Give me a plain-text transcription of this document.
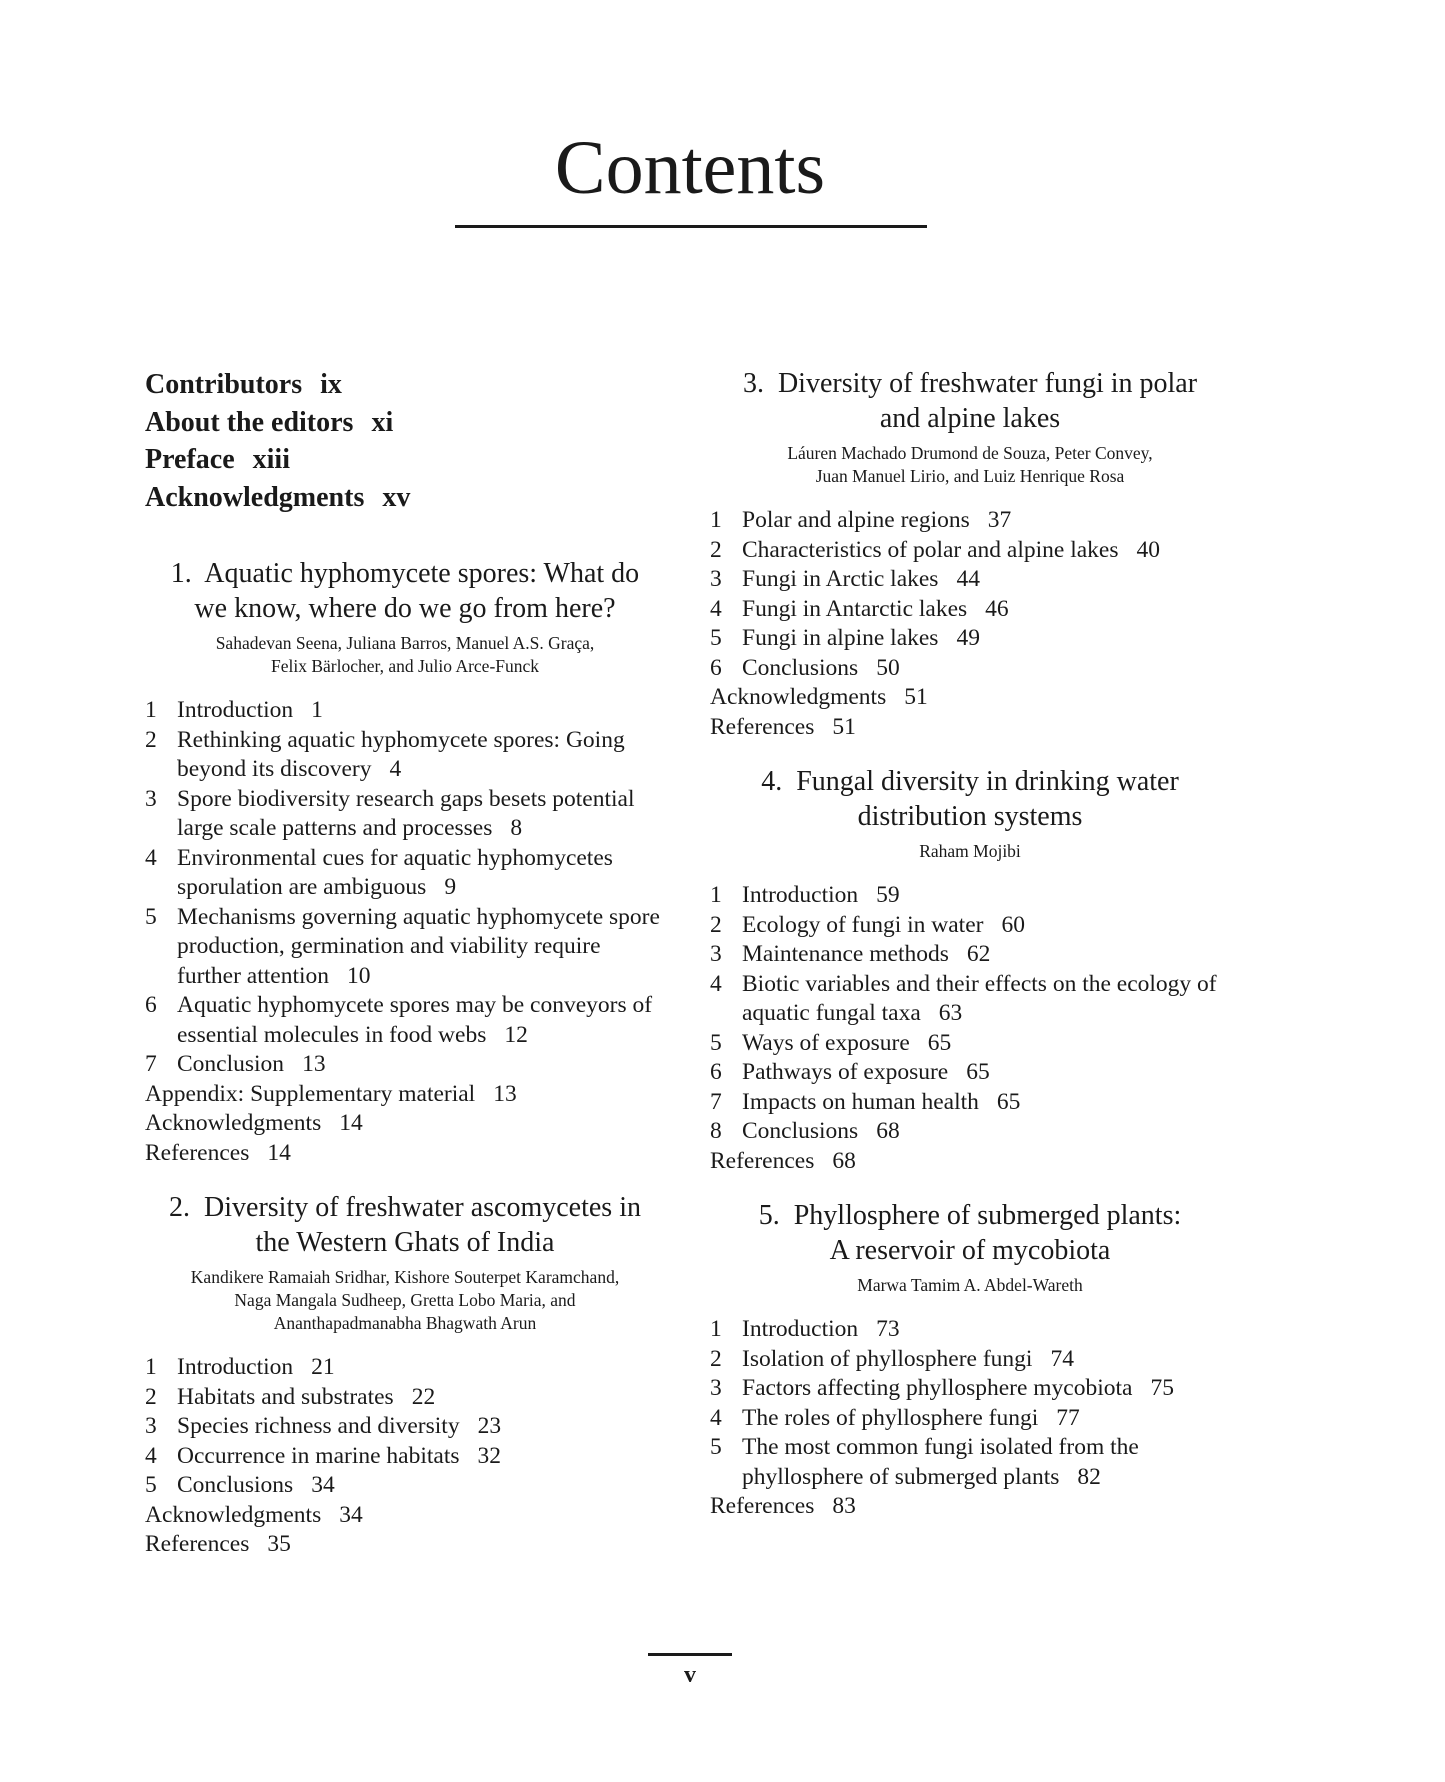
Contents
Contributors ix
About the editors xi
Preface xiii
Acknowledgments xv
1.  Aquatic hyphomycete spores: What do
we know, where do we go from here?

Sahadevan Seena, Juliana Barros, Manuel A.S. Graça,
Felix Bärlocher, and Julio Arce-Funck

1 Introduction 1
2 Rethinking aquatic hyphomycete spores: Going beyond its discovery 4
3 Spore biodiversity research gaps besets potential large scale patterns and processes 8
4 Environmental cues for aquatic hyphomycetes sporulation are ambiguous 9
5 Mechanisms governing aquatic hyphomycete spore production, germination and viability require further attention 10
6 Aquatic hyphomycete spores may be conveyors of essential molecules in food webs 12
7 Conclusion 13
Appendix: Supplementary material 13
Acknowledgments 14
References 14
2.  Diversity of freshwater ascomycetes in
the Western Ghats of India

Kandikere Ramaiah Sridhar, Kishore Souterpet Karamchand,
Naga Mangala Sudheep, Gretta Lobo Maria, and
Ananthapadmanabha Bhagwath Arun

1 Introduction 21
2 Habitats and substrates 22
3 Species richness and diversity 23
4 Occurrence in marine habitats 32
5 Conclusions 34
Acknowledgments 34
References 35
3.  Diversity of freshwater fungi in polar
and alpine lakes

Láuren Machado Drumond de Souza, Peter Convey,
Juan Manuel Lirio, and Luiz Henrique Rosa

1 Polar and alpine regions 37
2 Characteristics of polar and alpine lakes 40
3 Fungi in Arctic lakes 44
4 Fungi in Antarctic lakes 46
5 Fungi in alpine lakes 49
6 Conclusions 50
Acknowledgments 51
References 51
4.  Fungal diversity in drinking water
distribution systems

Raham Mojibi

1 Introduction 59
2 Ecology of fungi in water 60
3 Maintenance methods 62
4 Biotic variables and their effects on the ecology of aquatic fungal taxa 63
5 Ways of exposure 65
6 Pathways of exposure 65
7 Impacts on human health 65
8 Conclusions 68
References 68
5.  Phyllosphere of submerged plants:
A reservoir of mycobiota

Marwa Tamim A. Abdel-Wareth

1 Introduction 73
2 Isolation of phyllosphere fungi 74
3 Factors affecting phyllosphere mycobiota 75
4 The roles of phyllosphere fungi 77
5 The most common fungi isolated from the phyllosphere of submerged plants 82
References 83
v
